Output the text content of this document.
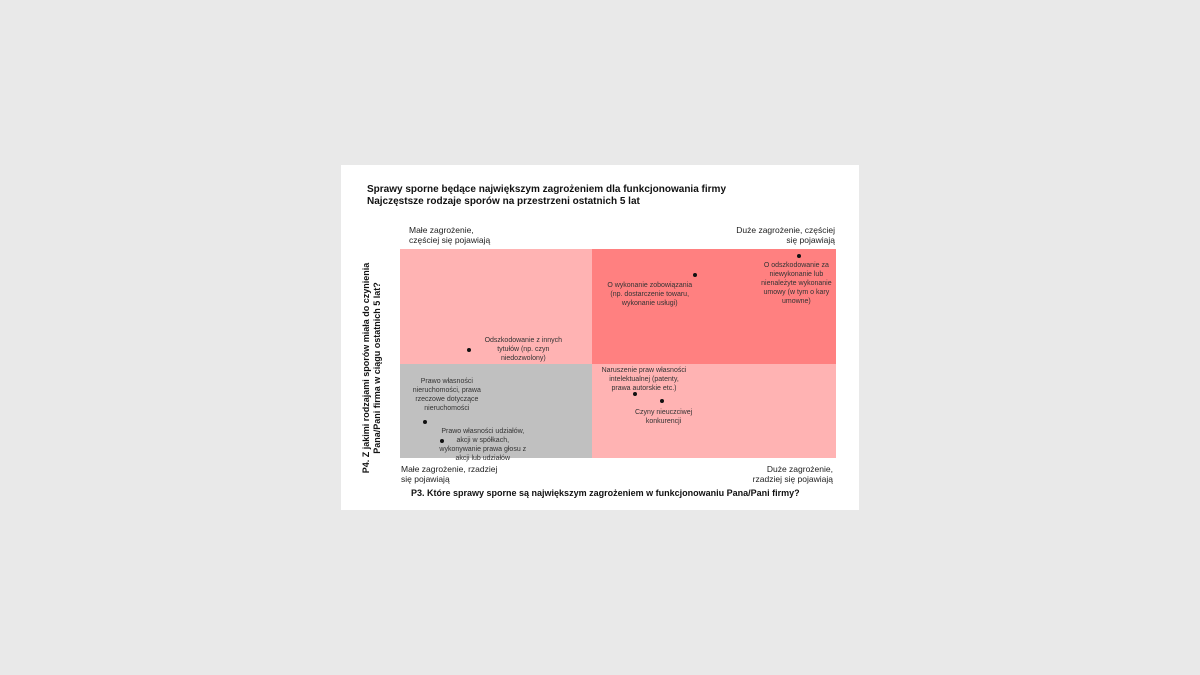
Sprawy sporne będące największym zagrożeniem dla funkcjonowania firmy
Najczęstsze rodzaje sporów na przestrzeni ostatnich 5 lat
Małe zagrożenie,
częściej się pojawiają
Duże zagrożenie, częściej
się pojawiają
Małe zagrożenie, rzadziej
się pojawiają
Duże zagrożenie,
rzadziej się pojawiają
O wykonanie zobowiązania
(np. dostarczenie towaru,
wykonanie usługi)
O odszkodowanie za
niewykonanie lub
nienależyte wykonanie
umowy (w tym o kary
umowne)
Odszkodowanie z innych
tytułów (np. czyn
niedozwolony)
Naruszenie praw własności
intelektualnej (patenty,
prawa autorskie etc.)
Czyny nieuczciwej
konkurencji
Prawo własności
nieruchomości, prawa
rzeczowe dotyczące
nieruchomości
Prawo własności udziałów,
akcji w spółkach,
wykonywanie prawa głosu z
akcji lub udziałów
P3. Które sprawy sporne są największym zagrożeniem w funkcjonowaniu Pana/Pani firmy?
P4. Z jakimi rodzajami sporów miała do czynienia
Pana/Pani firma w ciągu ostatnich 5 lat?
